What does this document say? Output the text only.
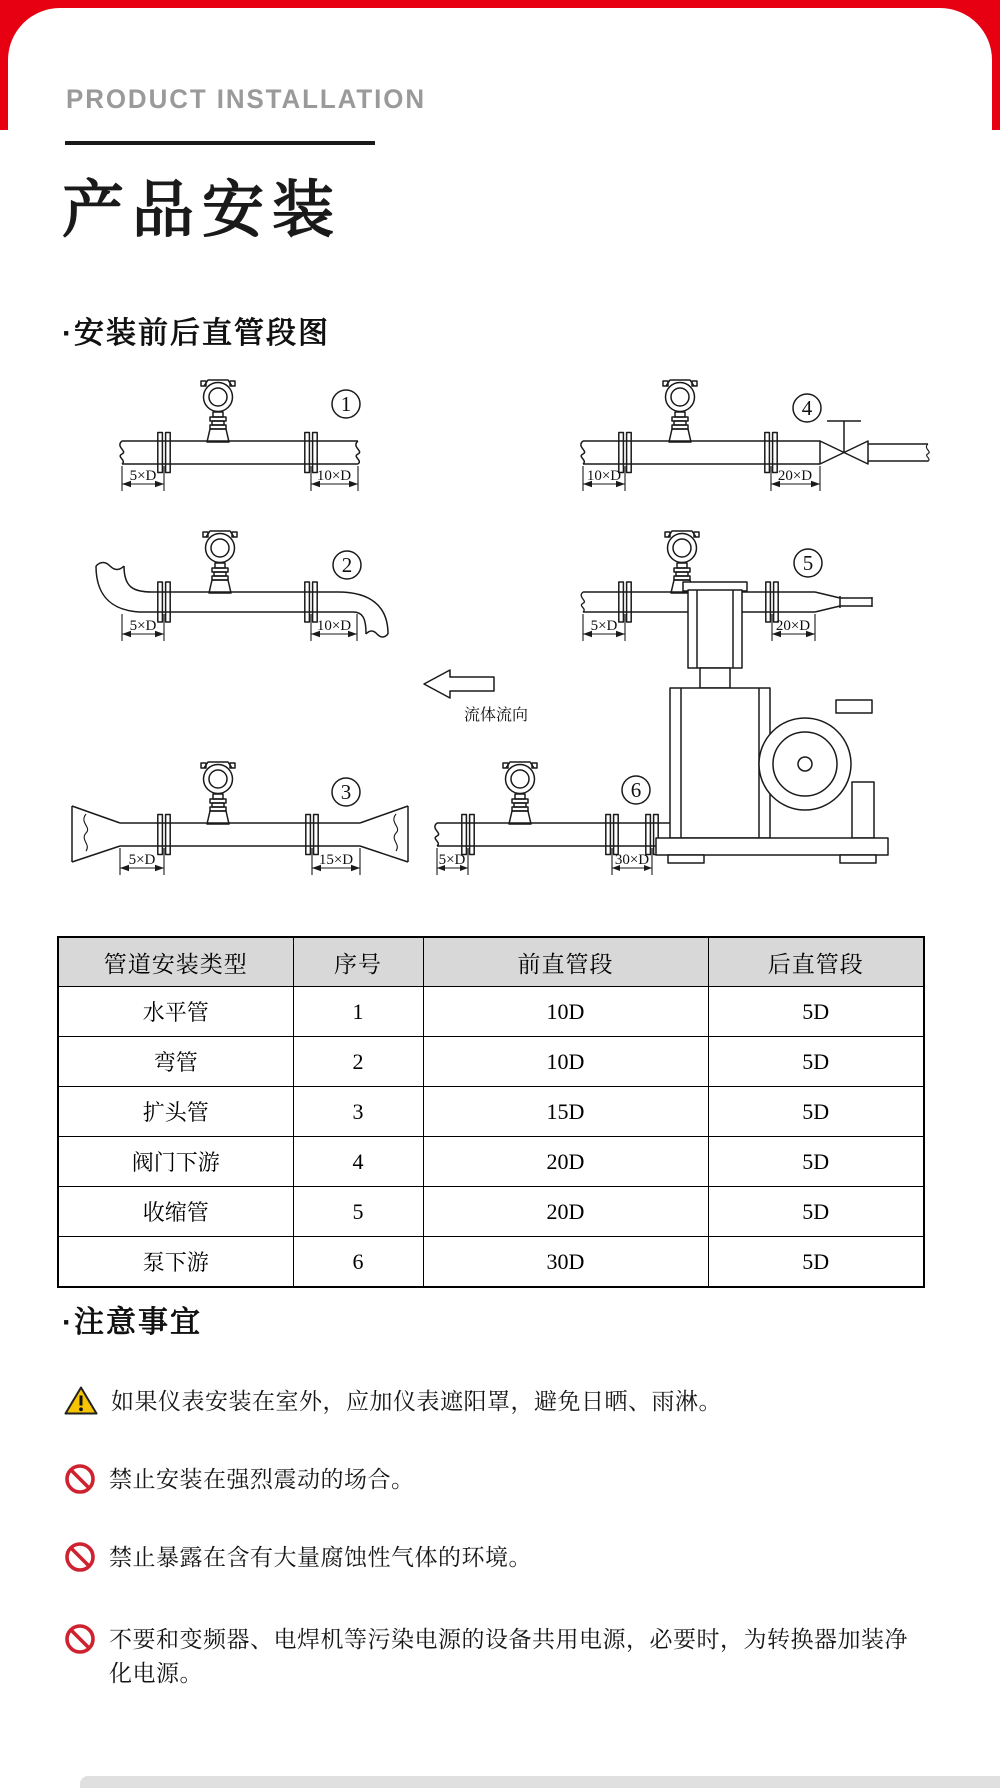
PRODUCT INSTALLATION
产品安装
·安装前后直管段图
1
5×D	10×D
4
10×D	20×D
2
5×D	10×D
5
5×D	20×D
流体流向
3
5×D	15×D
6
5×D	30×D
管道安装类型	序号	前直管段	后直管段
水平管	1	10D	5D
弯管	2	10D	5D
扩头管	3	15D	5D
阀门下游	4	20D	5D
收缩管	5	20D	5D
泵下游	6	30D	5D
·注意事宜
如果仪表安装在室外，应加仪表遮阳罩，避免日晒、雨淋。
禁止安装在强烈震动的场合。
禁止暴露在含有大量腐蚀性气体的环境。
不要和变频器、电焊机等污染电源的设备共用电源，必要时，为转换器加装净化电源。
